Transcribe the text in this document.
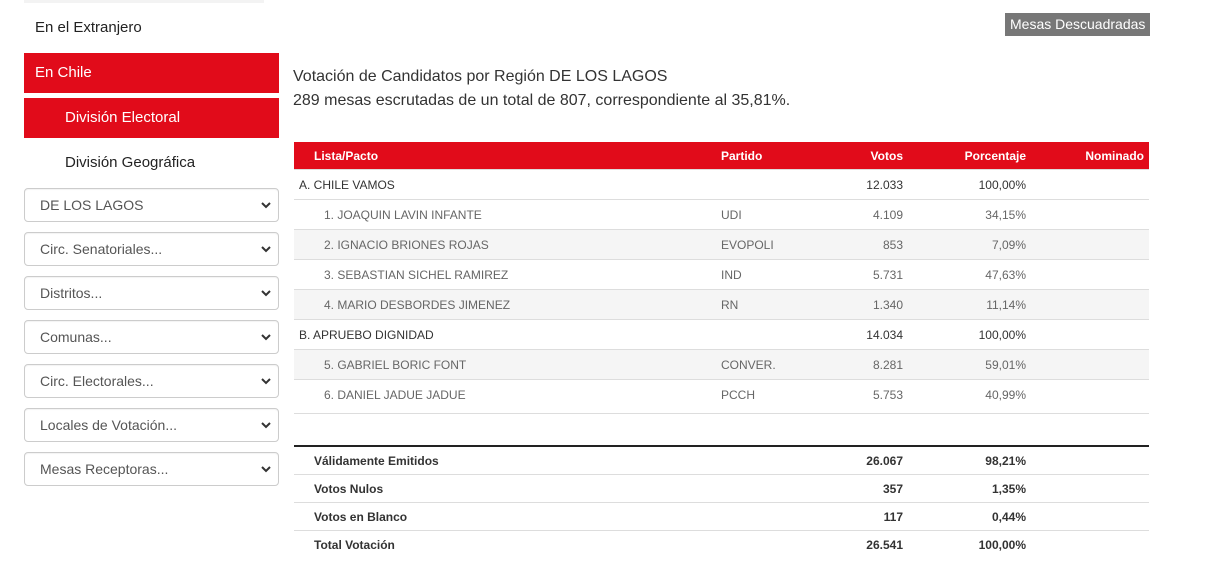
En el Extranjero
En Chile
División Electoral
División Geográfica
DE LOS LAGOS
Circ. Senatoriales...
Distritos...
Comunas...
Circ. Electorales...
Locales de Votación...
Mesas Receptoras...
Mesas Descuadradas
Votación de Candidatos por Región DE LOS LAGOS
289 mesas escrutadas de un total de 807, correspondiente al 35,81%.
Lista/Pacto	Partido	Votos	Porcentaje	Nominado
A. CHILE VAMOS		12.033	100,00%	
1. JOAQUIN LAVIN INFANTE	UDI	4.109	34,15%	
2. IGNACIO BRIONES ROJAS	EVOPOLI	853	7,09%	
3. SEBASTIAN SICHEL RAMIREZ	IND	5.731	47,63%	
4. MARIO DESBORDES JIMENEZ	RN	1.340	11,14%	
B. APRUEBO DIGNIDAD		14.034	100,00%	
5. GABRIEL BORIC FONT	CONVER.	8.281	59,01%	
6. DANIEL JADUE JADUE	PCCH	5.753	40,99%	
Válidamente Emitidos		26.067	98,21%	
Votos Nulos		357	1,35%	
Votos en Blanco		117	0,44%	
Total Votación		26.541	100,00%	
